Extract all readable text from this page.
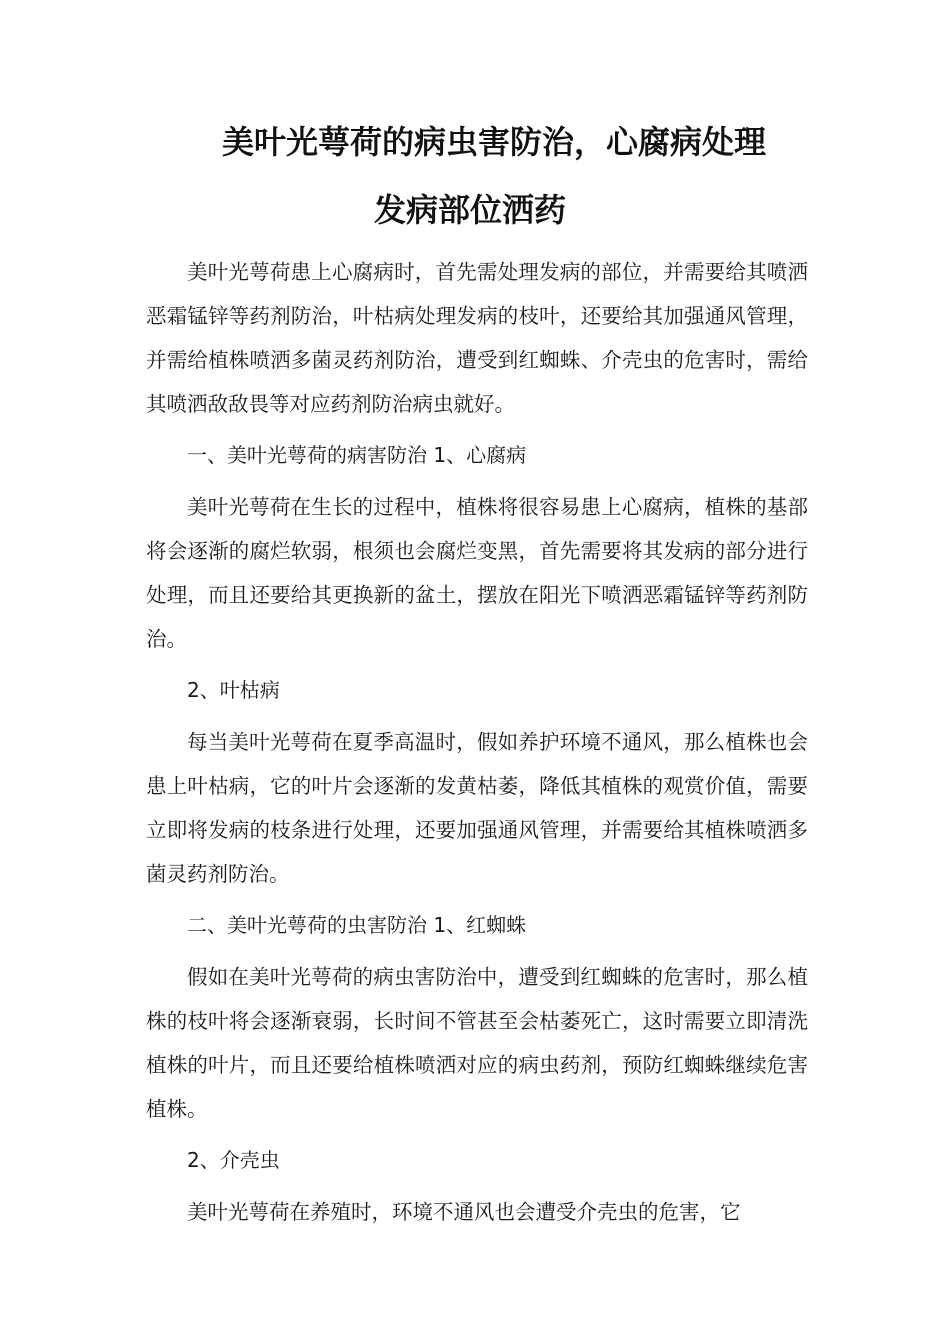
美叶光萼荷的病虫害防治，心腐病处理
发病部位洒药

美叶光萼荷患上心腐病时，首先需处理发病的部位，并需要给其喷洒恶霜锰锌等药剂防治，叶枯病处理发病的枝叶，还要给其加强通风管理，并需给植株喷洒多菌灵药剂防治，遭受到红蜘蛛、介壳虫的危害时，需给其喷洒敌敌畏等对应药剂防治病虫就好。

一、美叶光萼荷的病害防治 1、心腐病

美叶光萼荷在生长的过程中，植株将很容易患上心腐病，植株的基部将会逐渐的腐烂软弱，根须也会腐烂变黑，首先需要将其发病的部分进行处理，而且还要给其更换新的盆土，摆放在阳光下喷洒恶霜锰锌等药剂防治。

2、叶枯病

每当美叶光萼荷在夏季高温时，假如养护环境不通风，那么植株也会患上叶枯病，它的叶片会逐渐的发黄枯萎，降低其植株的观赏价值，需要立即将发病的枝条进行处理，还要加强通风管理，并需要给其植株喷洒多菌灵药剂防治。

二、美叶光萼荷的虫害防治 1、红蜘蛛

假如在美叶光萼荷的病虫害防治中，遭受到红蜘蛛的危害时，那么植株的枝叶将会逐渐衰弱，长时间不管甚至会枯萎死亡，这时需要立即清洗植株的叶片，而且还要给植株喷洒对应的病虫药剂，预防红蜘蛛继续危害植株。

2、介壳虫

美叶光萼荷在养殖时，环境不通风也会遭受介壳虫的危害，它
